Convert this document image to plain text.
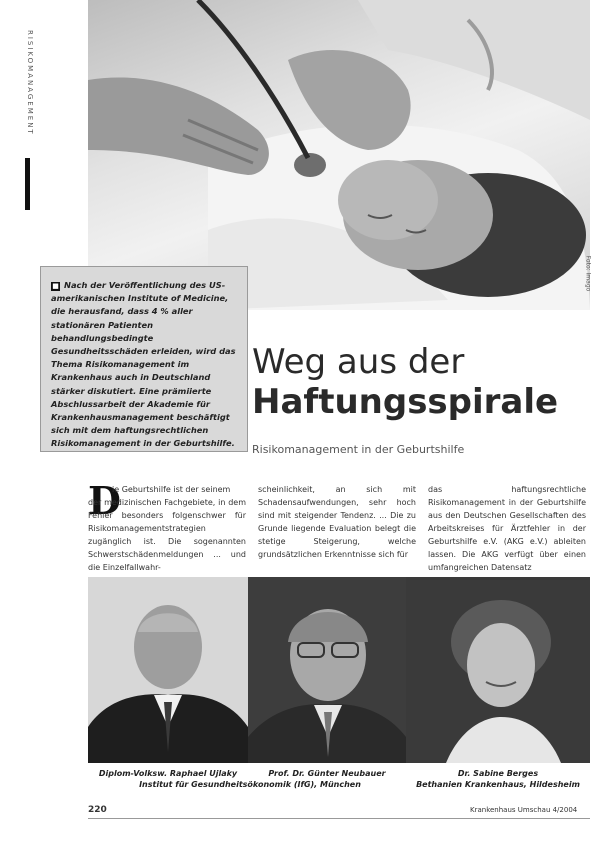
RISIKOMANAGEMENT
Foto: Imago
■ Nach der Veröffentlichung des US-amerikanischen Institute of Medicine, die herausfand, dass 4 % aller stationären Patienten behandlungsbedingte Gesundheitsschäden erleiden, wird das Thema Risikomanagement im Krankenhaus auch in Deutschland stärker diskutiert. Eine prämiierte Abschlussarbeit der Akademie für Krankenhausmanagement beschäftigt sich mit dem haftungsrechtlichen Risikomanagement in der Geburtshilfe.
Weg aus der
Haftungsspirale
Risikomanagement in der Geburtshilfe
D
ie Geburtshilfe ist der seinem
der medizinischen Fachgebiete, in dem Fehler besonders folgenschwer für Risikomanagementstrategien zugänglich ist. Die sogenannten Schwerstschädenmeldungen ... und die Einzelfallwahr-
scheinlichkeit, an sich mit Schadensaufwendungen, sehr hoch sind mit steigender Tendenz. ... Die zu Grunde liegende Evaluation belegt die stetige Steigerung, welche grundsätzlichen Erkenntnisse sich für
das haftungsrechtliche Risikomanagement in der Geburtshilfe aus den Deutschen Gesellschaften des Arbeitskreises für Ärztfehler in der Geburtshilfe e.V. (AKG e.V.) ableiten lassen. Die AKG verfügt über einen umfangreichen Datensatz
Diplom-Volksw. Raphael Ujlaky	Prof. Dr. Günter Neubauer	Dr. Sabine Berges
Institut für Gesundheitsökonomik (IfG), München	Bethanien Krankenhaus, Hildesheim
220	Krankenhaus Umschau 4/2004
